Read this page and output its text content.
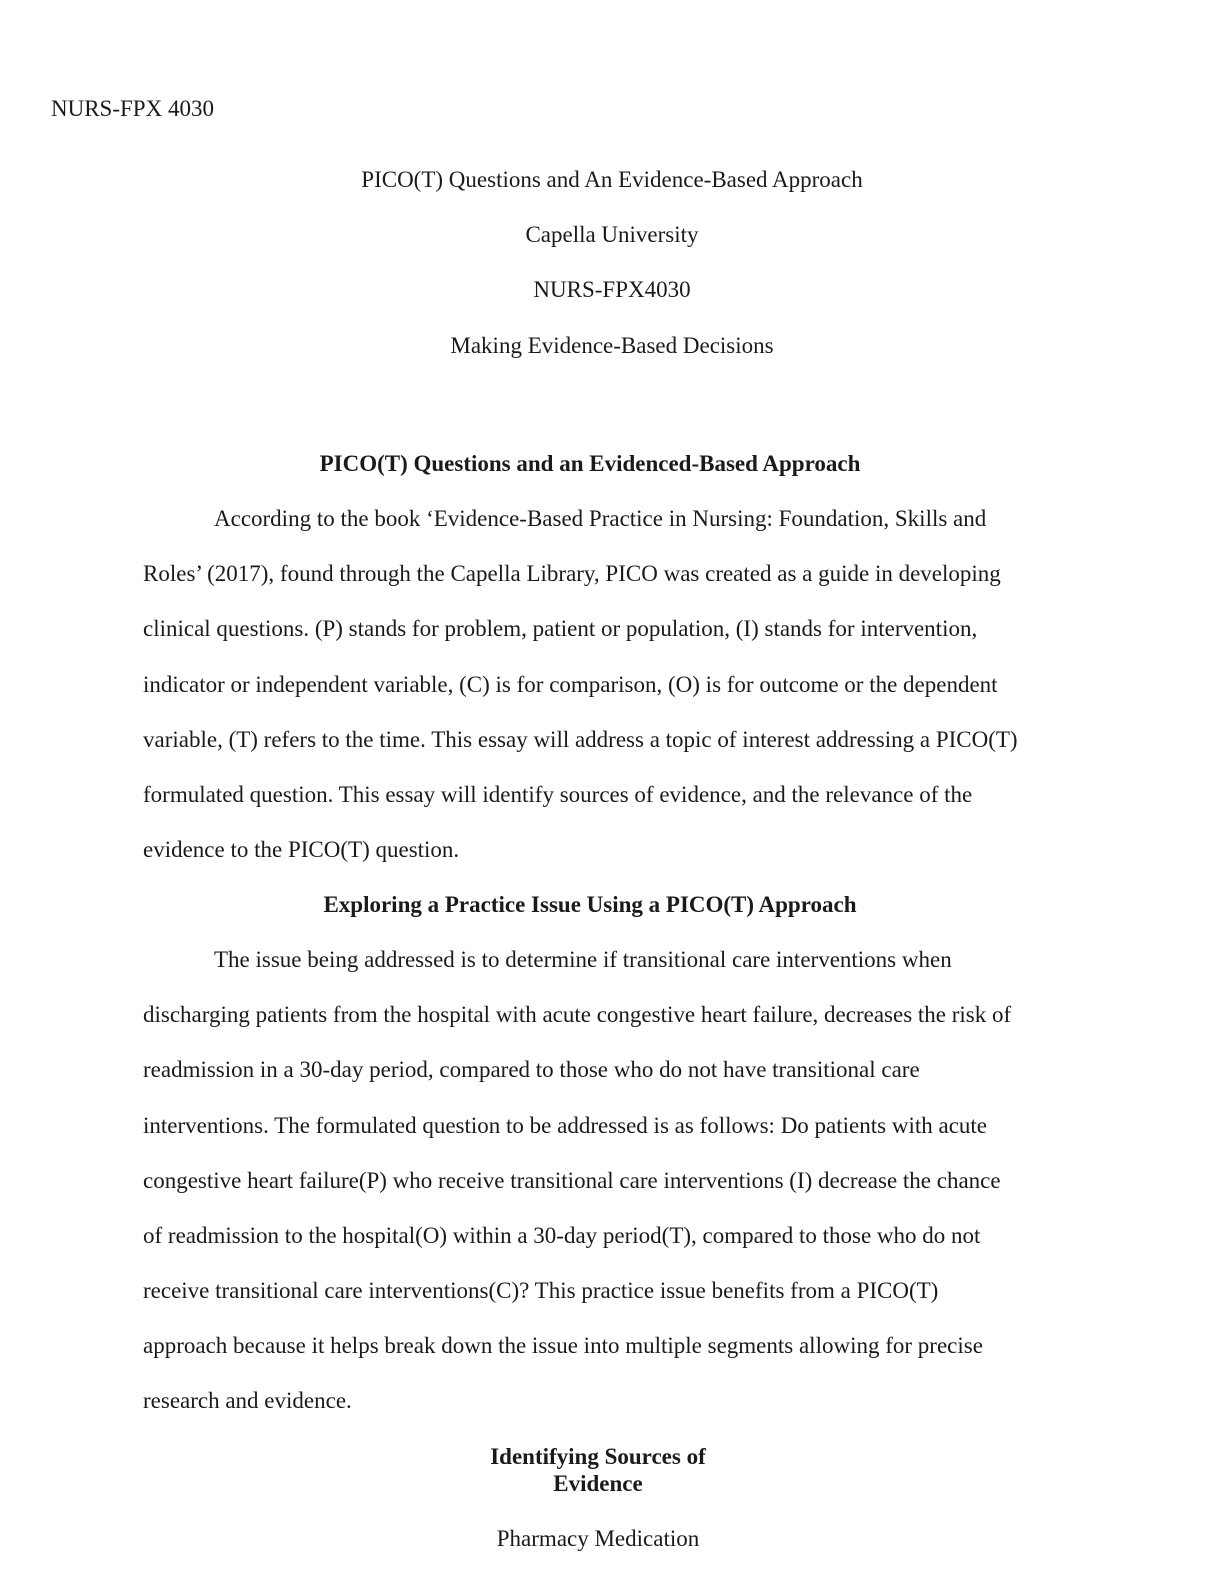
NURS-FPX 4030

PICO(T) Questions and An Evidence-Based Approach

Capella University

NURS-FPX4030

Making Evidence-Based Decisions

PICO(T) Questions and an Evidenced-Based Approach

According to the book ‘Evidence-Based Practice in Nursing: Foundation, Skills and

Roles’ (2017), found through the Capella Library, PICO was created as a guide in developing

clinical questions. (P) stands for problem, patient or population, (I) stands for intervention,

indicator or independent variable, (C) is for comparison, (O) is for outcome or the dependent

variable, (T) refers to the time. This essay will address a topic of interest addressing a PICO(T)

formulated question. This essay will identify sources of evidence, and the relevance of the

evidence to the PICO(T) question.

Exploring a Practice Issue Using a PICO(T) Approach

The issue being addressed is to determine if transitional care interventions when

discharging patients from the hospital with acute congestive heart failure, decreases the risk of

readmission in a 30-day period, compared to those who do not have transitional care

interventions. The formulated question to be addressed is as follows: Do patients with acute

congestive heart failure(P) who receive transitional care interventions (I) decrease the chance

of readmission to the hospital(O) within a 30-day period(T), compared to those who do not

receive transitional care interventions(C)? This practice issue benefits from a PICO(T)

approach because it helps break down the issue into multiple segments allowing for precise

research and evidence.

Identifying Sources of

Evidence

Pharmacy Medication
